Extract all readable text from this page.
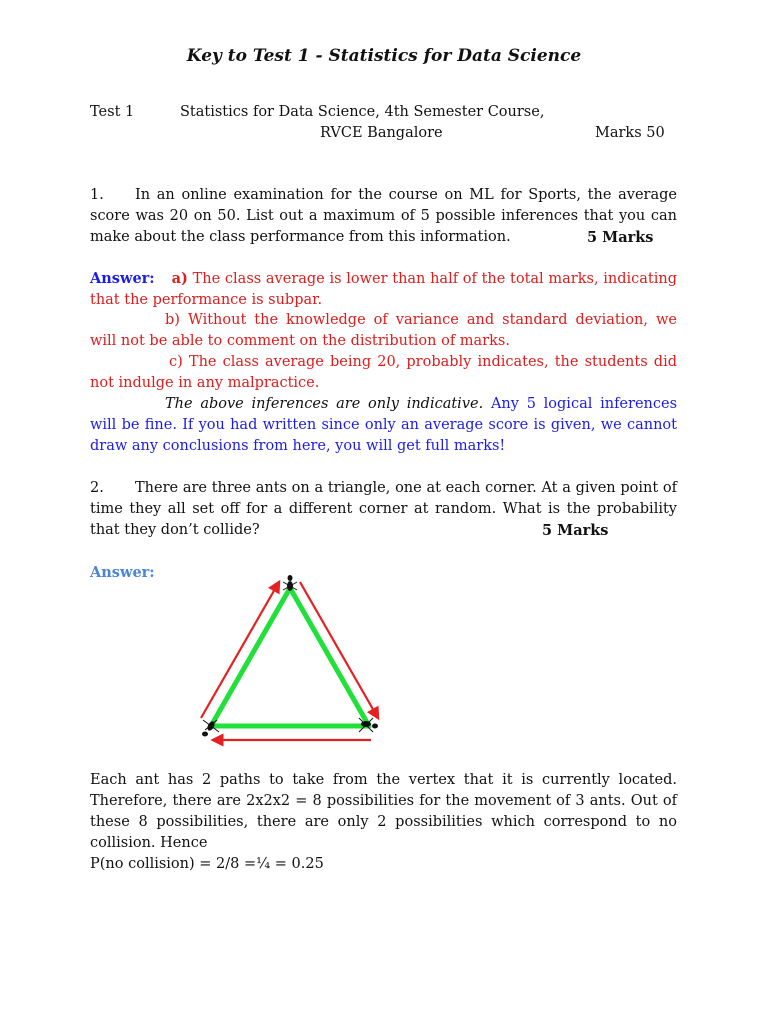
Key to Test 1 - Statistics for Data Science
Test 1	Statistics for Data Science, 4th Semester Course,
RVCE Bangalore	Marks 50
1. In an online examination for the course on ML for Sports, the average score was 20 on 50. List out a maximum of 5 possible inferences that you can make about the class performance from this information.	5 Marks
Answer: a) The class average is lower than half of the total marks, indicating that the performance is subpar.
b) Without the knowledge of variance and standard deviation, we will not be able to comment on the distribution of marks.
c) The class average being 20, probably indicates, the students did not indulge in any malpractice.
The above inferences are only indicative. Any 5 logical inferences will be fine. If you had written since only an average score is given, we cannot draw any conclusions from here, you will get full marks!
2. There are three ants on a triangle, one at each corner. At a given point of time they all set off for a different corner at random. What is the probability that they don’t collide?	5 Marks
Answer:
Each ant has 2 paths to take from the vertex that it is currently located. Therefore, there are 2x2x2 = 8 possibilities for the movement of 3 ants. Out of these 8 possibilities, there are only 2 possibilities which correspond to no collision. Hence
P(no collision) = 2/8 =¼ = 0.25
